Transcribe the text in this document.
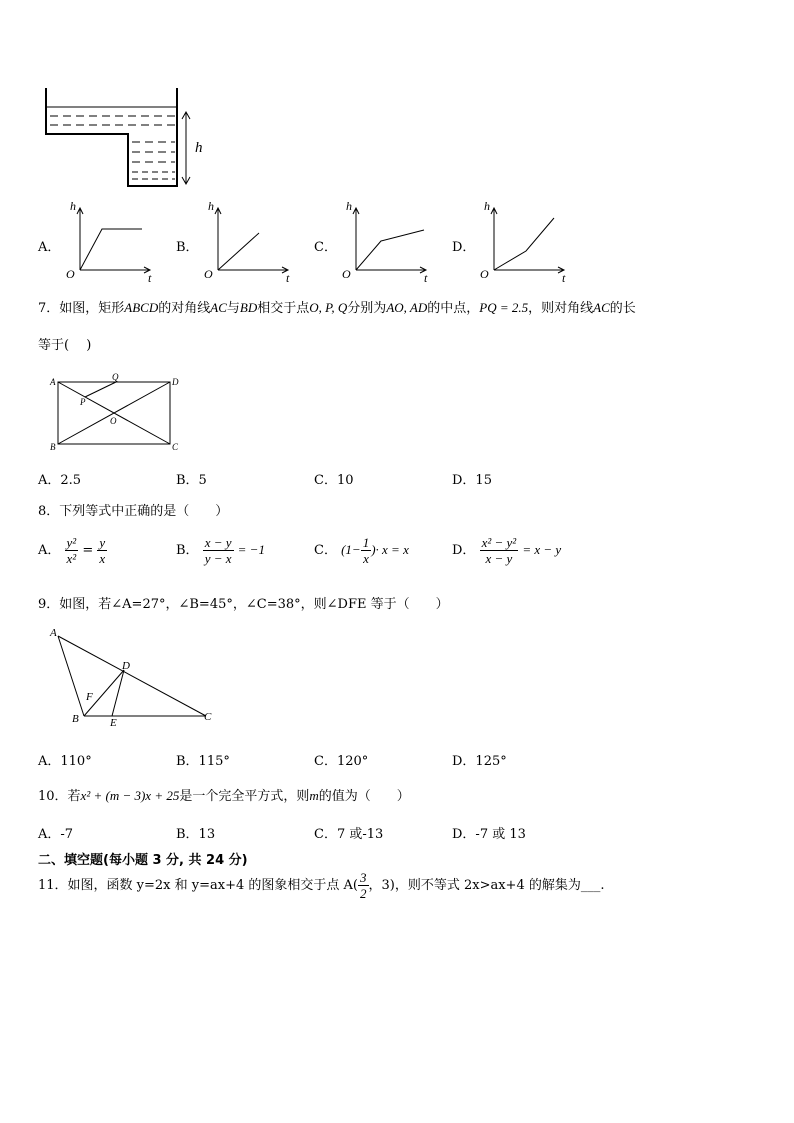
h
A．
h
t
O
B．
h
t
O
C．
h
t
O
D．
h
t
O
7．如图，矩形ABCD的对角线AC与BD相交于点O, P, Q分别为AO, AD的中点，PQ = 2.5，则对角线AC的长
等于(　 )
A	Q	D
P
O
B	C
A．2.5	B．5	C．10	D．15
8．下列等式中正确的是（　　）
A． $\frac{\text{y²}}{\text{x²}} = \frac{y}{x}$	B． $\frac{x - y}{y - x} = -1$	C． ($1- \frac{1}{x}$ )· x = x	D． $\frac{\text{x² − y²}}{x - y} = x - y$
9．如图，若∠A=27°，∠B=45°，∠C=38°，则∠DFE 等于（　　）
A
D
F
B	E	C
A．110°	B．115°	C．120°	D．125°
10．若x² + (m − 3)x + 25是一个完全平方式，则m的值为（　　）
A．-7	B．13	C．7 或-13	D．-7 或 13
二、填空题(每小题 3 分, 共 24 分)
11．如图，函数 y=2x 和 y=ax+4 的图象相交于点 $A( \frac{3}{2}$ ，3)，则不等式 2x>ax+4 的解集为___.
